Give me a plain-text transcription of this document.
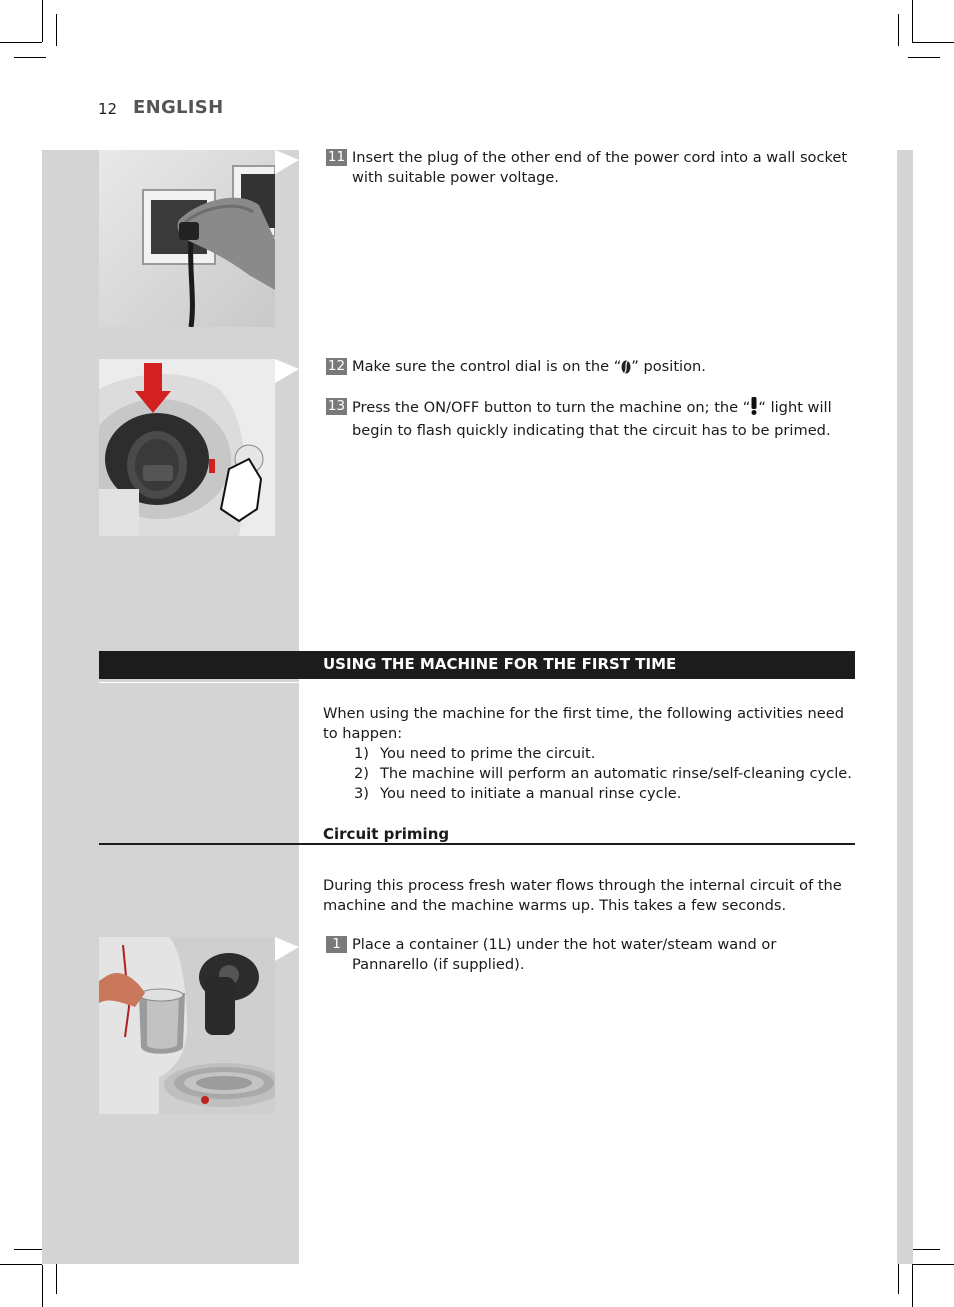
12 ENGLISH
11 Insert the plug of the other end of the power cord into a wall socket with suitable power voltage.
12 Make sure the control dial is on the “ ” position.
13 Press the ON/OFF button to turn the machine on; the “ “ light will begin to flash quickly indicating that the circuit has to be primed.
USING THE MACHINE FOR THE FIRST TIME
When using the machine for the first time, the following activities need to happen:
1) You need to prime the circuit.
2) The machine will perform an automatic rinse/self-cleaning cycle.
3) You need to initiate a manual rinse cycle.
Circuit priming
During this process fresh water flows through the internal circuit of the machine and the machine warms up. This takes a few seconds.
1 Place a container (1L) under the hot water/steam wand or Pannarello (if supplied).
